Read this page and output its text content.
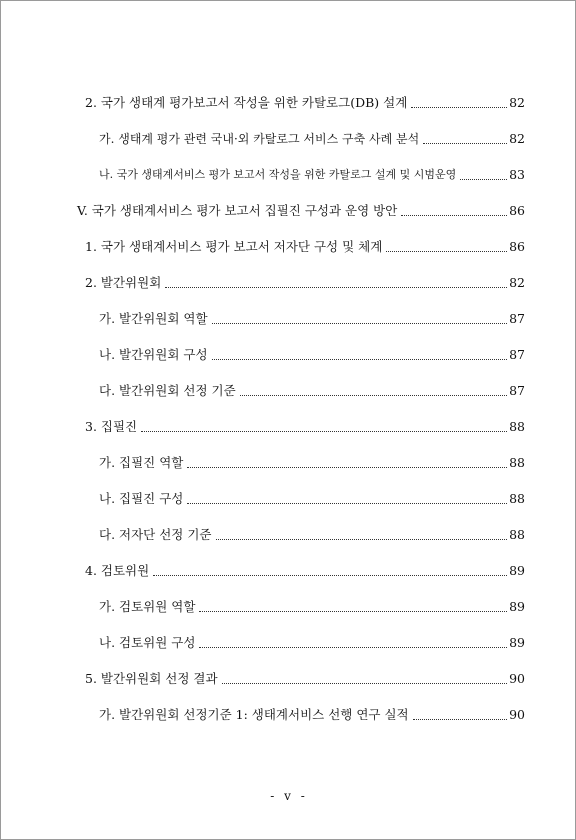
2. 국가 생태계 평가보고서 작성을 위한 카탈로그(DB) 설계	82
가. 생태계 평가 관련 국내·외 카탈로그 서비스 구축 사례 분석	82
나. 국가 생태계서비스 평가 보고서 작성을 위한 카탈로그 설계 및 시범운영	83
V. 국가 생태계서비스 평가 보고서 집필진 구성과 운영 방안	86
1. 국가 생태계서비스 평가 보고서 저자단 구성 및 체계	86
2. 발간위원회	82
가. 발간위원회 역할	87
나. 발간위원회 구성	87
다. 발간위원회 선정 기준	87
3. 집필진	88
가. 집필진 역할	88
나. 집필진 구성	88
다. 저자단 선정 기준	88
4. 검토위원	89
가. 검토위원 역할	89
나. 검토위원 구성	89
5. 발간위원회 선정 결과	90
가. 발간위원회 선정기준 1: 생태계서비스 선행 연구 실적	90
- v -
